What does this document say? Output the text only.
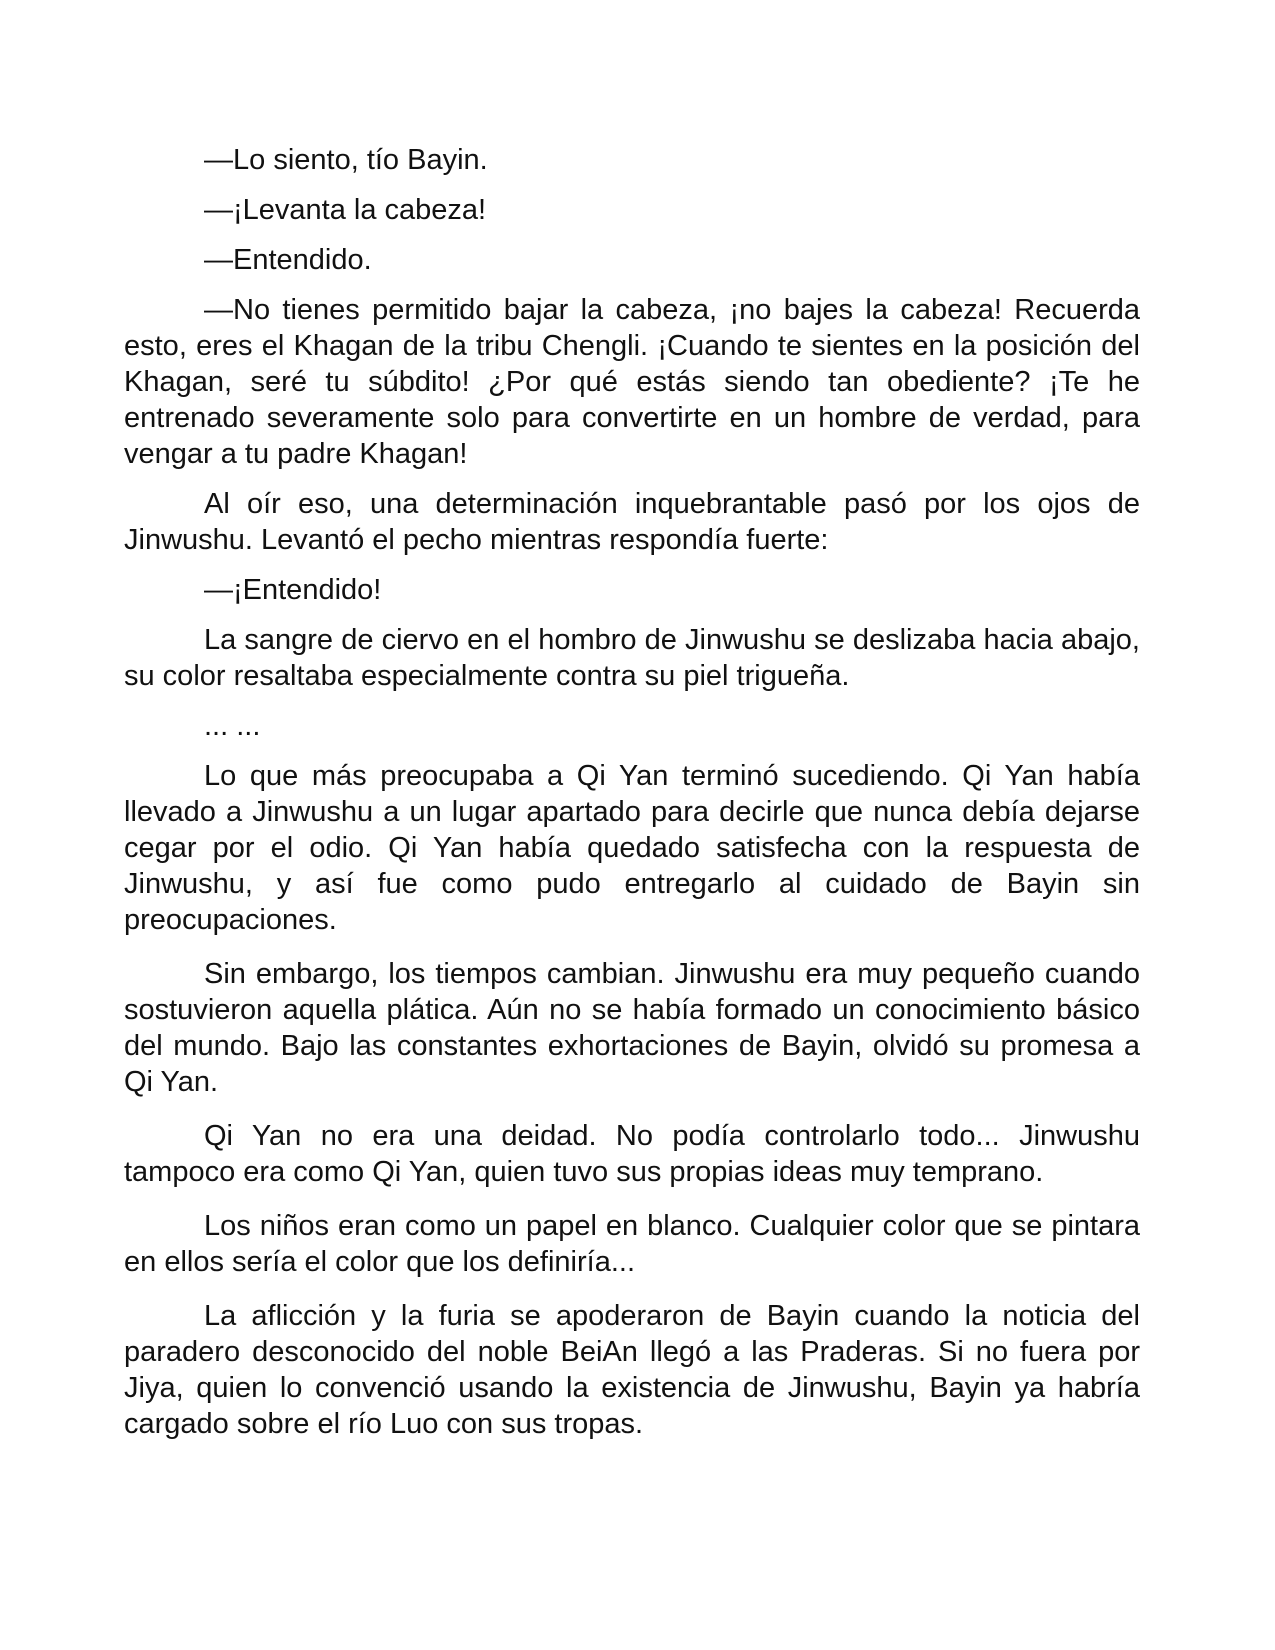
—Lo siento, tío Bayin.

—¡Levanta la cabeza!

—Entendido.

—No tienes permitido bajar la cabeza, ¡no bajes la cabeza! Recuerda esto, eres el Khagan de la tribu Chengli. ¡Cuando te sientes en la posición del Khagan, seré tu súbdito! ¿Por qué estás siendo tan obediente? ¡Te he entrenado severamente solo para convertirte en un hombre de verdad, para vengar a tu padre Khagan!

Al oír eso, una determinación inquebrantable pasó por los ojos de Jinwushu. Levantó el pecho mientras respondía fuerte:

—¡Entendido!

La sangre de ciervo en el hombro de Jinwushu se deslizaba hacia abajo, su color resaltaba especialmente contra su piel trigueña.

... ...

Lo que más preocupaba a Qi Yan terminó sucediendo. Qi Yan había llevado a Jinwushu a un lugar apartado para decirle que nunca debía dejarse cegar por el odio. Qi Yan había quedado satisfecha con la respuesta de Jinwushu, y así fue como pudo entregarlo al cuidado de Bayin sin preocupaciones.

Sin embargo, los tiempos cambian. Jinwushu era muy pequeño cuando sostuvieron aquella plática. Aún no se había formado un conocimiento básico del mundo. Bajo las constantes exhortaciones de Bayin, olvidó su promesa a Qi Yan.

Qi Yan no era una deidad. No podía controlarlo todo... Jinwushu tampoco era como Qi Yan, quien tuvo sus propias ideas muy temprano.

Los niños eran como un papel en blanco. Cualquier color que se pintara en ellos sería el color que los definiría...

La aflicción y la furia se apoderaron de Bayin cuando la noticia del paradero desconocido del noble BeiAn llegó a las Praderas. Si no fuera por Jiya, quien lo convenció usando la existencia de Jinwushu, Bayin ya habría cargado sobre el río Luo con sus tropas.
